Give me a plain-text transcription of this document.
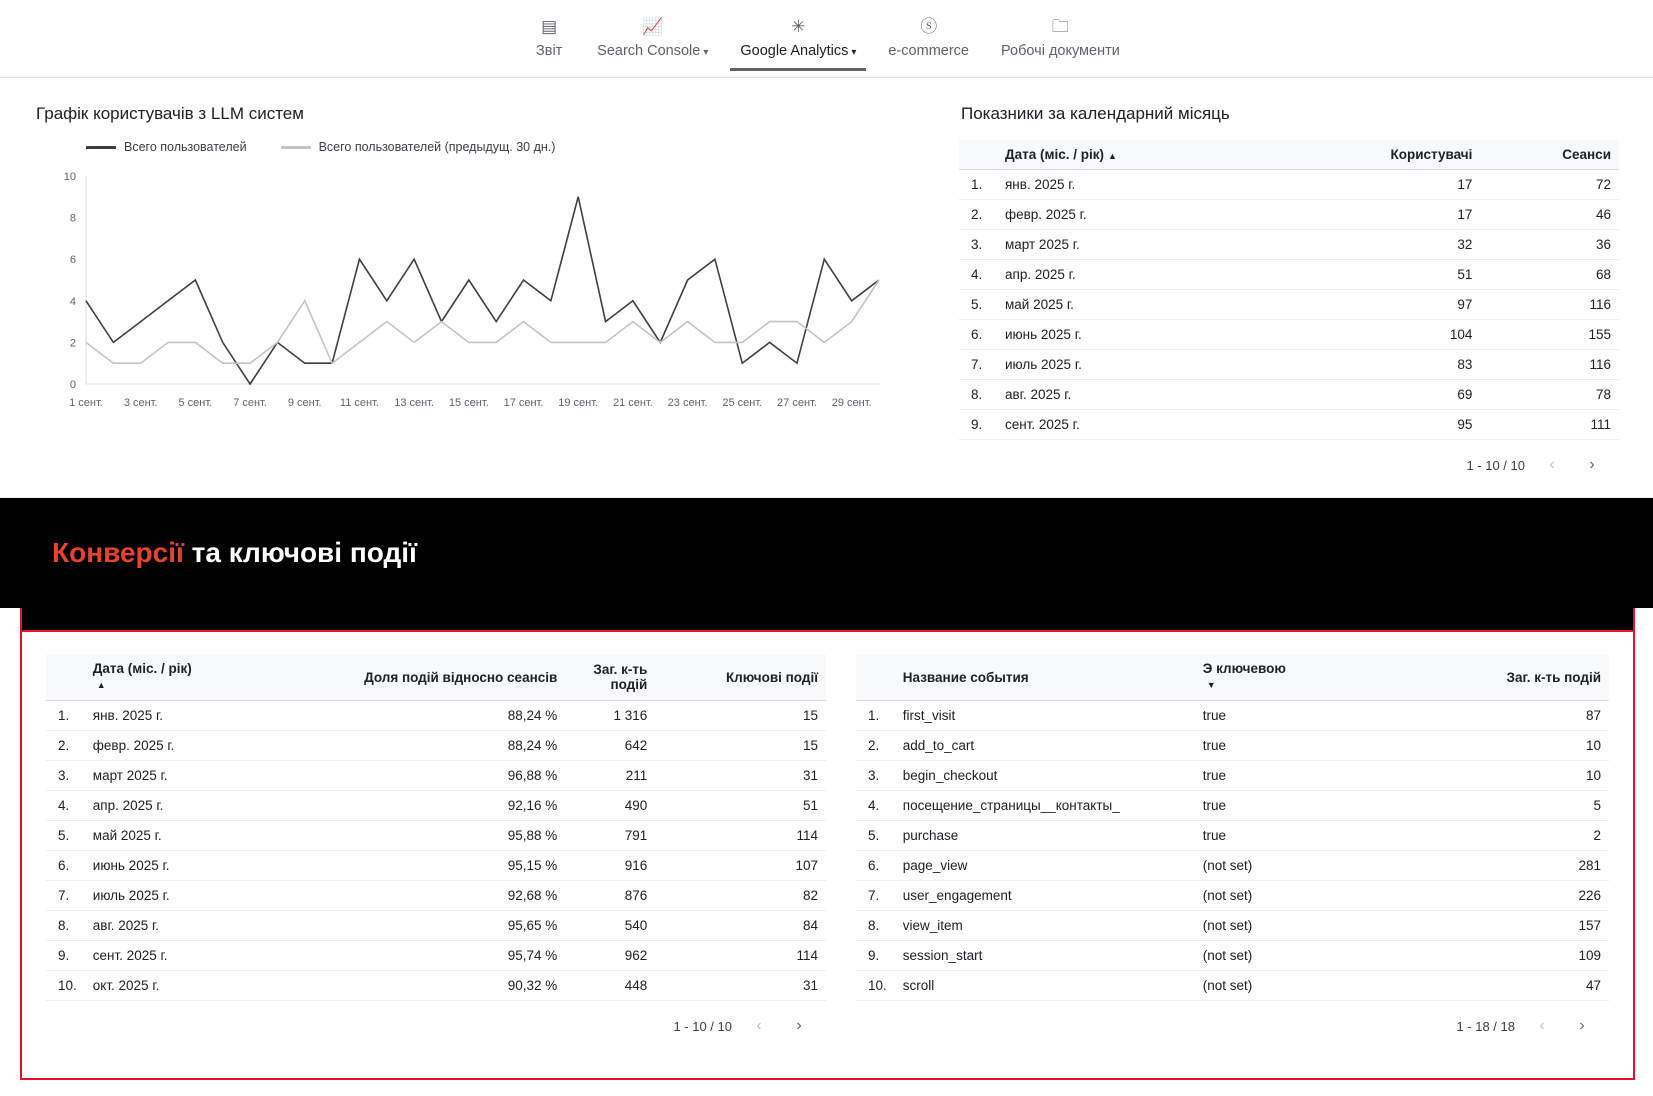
▤
Звіт
📈
Search Console ▾
✳
Google Analytics ▾
ⓢ
e-commerce
🗀
Робочі документи
Графік користувачів з LLM систем
Всего пользователей	Всего пользователей (предыдущ. 30 дн.)
0
2
4
6
8
10
1 сент. 3 сент. 5 сент. 7 сент. 9 сент. 11 сент. 13 сент. 15 сент. 17 сент. 19 сент. 21 сент. 23 сент. 25 сент. 27 сент. 29 сент.
Показники за календарний місяць
	Дата (міс. / рік) ▲	Користувачі	Сеанси
1.	янв. 2025 г.	17	72
2.	февр. 2025 г.	17	46
3.	март 2025 г.	32	36
4.	апр. 2025 г.	51	68
5.	май 2025 г.	97	116
6.	июнь 2025 г.	104	155
7.	июль 2025 г.	83	116
8.	авг. 2025 г.	69	78
9.	сент. 2025 г.	95	111
1 - 10 / 10	‹	›
Конверсії та ключові події
	Дата (міс. / рік)
▲	Доля подій відносно сеансів	Заг. к-ть подій	Ключові події
1.	янв. 2025 г.	88,24 %	1 316	15
2.	февр. 2025 г.	88,24 %	642	15
3.	март 2025 г.	96,88 %	211	31
4.	апр. 2025 г.	92,16 %	490	51
5.	май 2025 г.	95,88 %	791	114
6.	июнь 2025 г.	95,15 %	916	107
7.	июль 2025 г.	92,68 %	876	82
8.	авг. 2025 г.	95,65 %	540	84
9.	сент. 2025 г.	95,74 %	962	114
10.	окт. 2025 г.	90,32 %	448	31
1 - 10 / 10	‹	›
	Название события	Э ключевою
▼	Заг. к-ть подій
1.	first_visit	true	87
2.	add_to_cart	true	10
3.	begin_checkout	true	10
4.	посещение_страницы__контакты_	true	5
5.	purchase	true	2
6.	page_view	(not set)	281
7.	user_engagement	(not set)	226
8.	view_item	(not set)	157
9.	session_start	(not set)	109
10.	scroll	(not set)	47
1 - 18 / 18	‹	›
